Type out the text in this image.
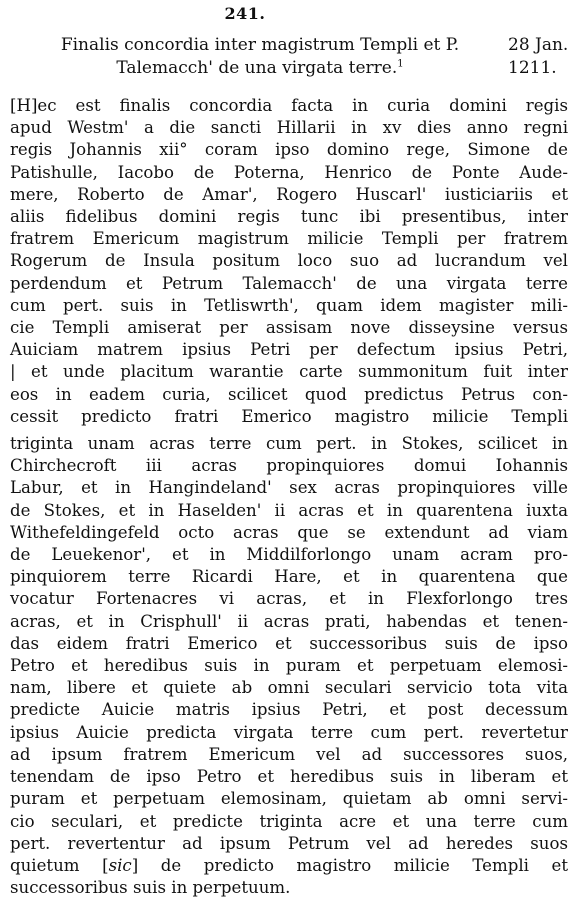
241.
Finalis concordia inter magistrum Templi et P.
Talemacch' de una virgata terre.$^1$
28 Jan.
1211.
[H]ec est finalis concordia facta in curia domini regis
apud Westm' a die sancti Hillarii in xv dies anno regni
regis Johannis xii° coram ipso domino rege, Simone de
Patishulle, Iacobo de Poterna, Henrico de Ponte Aude-
mere, Roberto de Amar', Rogero Huscarl' iusticiariis et
aliis fidelibus domini regis tunc ibi presentibus, inter
fratrem Emericum magistrum milicie Templi per fratrem
Rogerum de Insula positum loco suo ad lucrandum vel
perdendum et Petrum Talemacch' de una virgata terre
cum pert. suis in Tetliswrth', quam idem magister mili-
cie Templi amiserat per assisam nove disseysine versus
Auiciam matrem ipsius Petri per defectum ipsius Petri,
| et unde placitum warantie carte summonitum fuit inter
eos in eadem curia, scilicet quod predictus Petrus con-
cessit predicto fratri Emerico magistro milicie Templi
triginta unam acras terre cum pert. in Stokes, scilicet in
Chirchecroft iii acras propinquiores domui Iohannis
Labur, et in Hangindeland' sex acras propinquiores ville
de Stokes, et in Haselden' ii acras et in quarentena iuxta
Withefeldingefeld octo acras que se extendunt ad viam
de Leuekenor', et in Middilforlongo unam acram pro-
pinquiorem terre Ricardi Hare, et in quarentena que
vocatur Fortenacres vi acras, et in Flexforlongo tres
acras, et in Crisphull' ii acras prati, habendas et tenen-
das eidem fratri Emerico et successoribus suis de ipso
Petro et heredibus suis in puram et perpetuam elemosi-
nam, libere et quiete ab omni seculari servicio tota vita
predicte Auicie matris ipsius Petri, et post decessum
ipsius Auicie predicta virgata terre cum pert. revertetur
ad ipsum fratrem Emericum vel ad successores suos,
tenendam de ipso Petro et heredibus suis in liberam et
puram et perpetuam elemosinam, quietam ab omni servi-
cio seculari, et predicte triginta acre et una terre cum
pert. revertentur ad ipsum Petrum vel ad heredes suos
quietum [sic] de predicto magistro milicie Templi et
successoribus suis in perpetuum.
